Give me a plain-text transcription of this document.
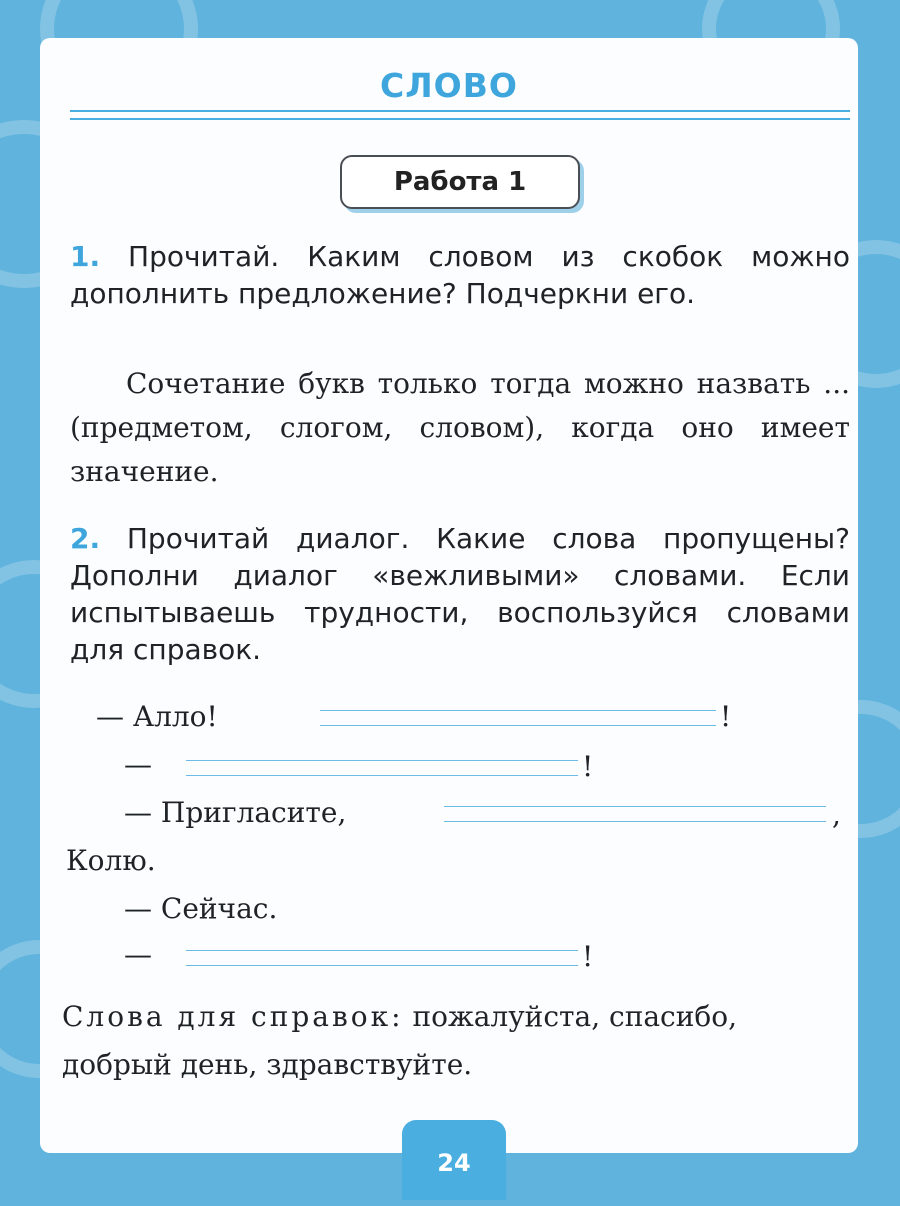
СЛОВО
Работа 1
1. Прочитай. Каким словом из скобок можно дополнить предложение? Подчеркни его.
Сочетание букв только тогда можно назвать ... (предметом, слогом, словом), когда оно имеет значение.
2. Прочитай диалог. Какие слова пропущены? Дополни диалог «вежливыми» словами. Если испытываешь трудности, воспользуйся словами для справок.
— Алло!	!
—	!
— Пригласите,	,
Колю.
— Сейчас.
—	!
Слова для справок: пожалуйста, спасибо, добрый день, здравствуйте.
24
